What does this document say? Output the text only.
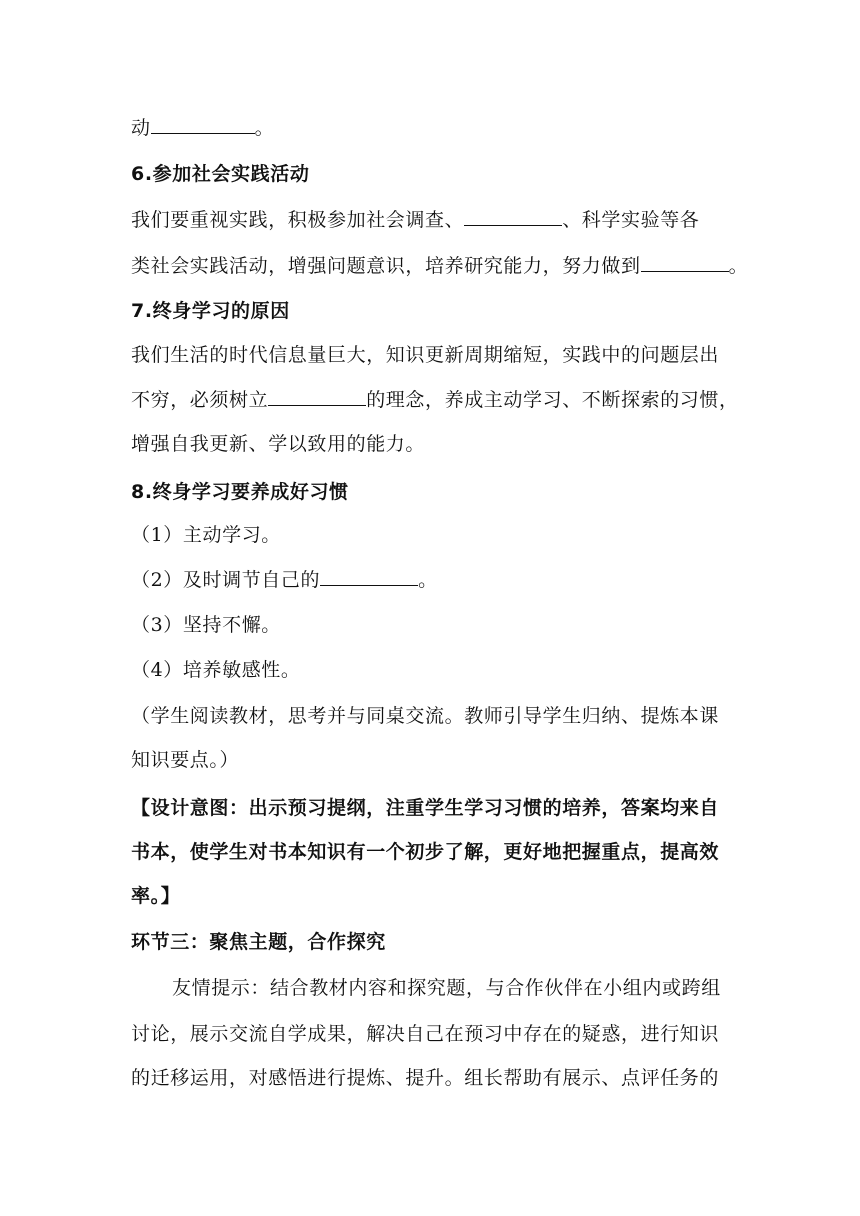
动	。
6.参加社会实践活动
我们要重视实践，积极参加社会调查、	、科学实验等各
类社会实践活动，增强问题意识，培养研究能力，努力做到	。
7.终身学习的原因
我们生活的时代信息量巨大，知识更新周期缩短，实践中的问题层出
不穷，必须树立	的理念，养成主动学习、不断探索的习惯，
增强自我更新、学以致用的能力。
8.终身学习要养成好习惯
（1）主动学习。
（2）及时调节自己的	。
（3）坚持不懈。
（4）培养敏感性。
（学生阅读教材，思考并与同桌交流。教师引导学生归纳、提炼本课
知识要点。）
【设计意图：出示预习提纲，注重学生学习习惯的培养，答案均来自
书本，使学生对书本知识有一个初步了解，更好地把握重点，提高效
率。】
环节三：聚焦主题，合作探究
友情提示：结合教材内容和探究题，与合作伙伴在小组内或跨组
讨论，展示交流自学成果，解决自己在预习中存在的疑惑，进行知识
的迁移运用，对感悟进行提炼、提升。组长帮助有展示、点评任务的
